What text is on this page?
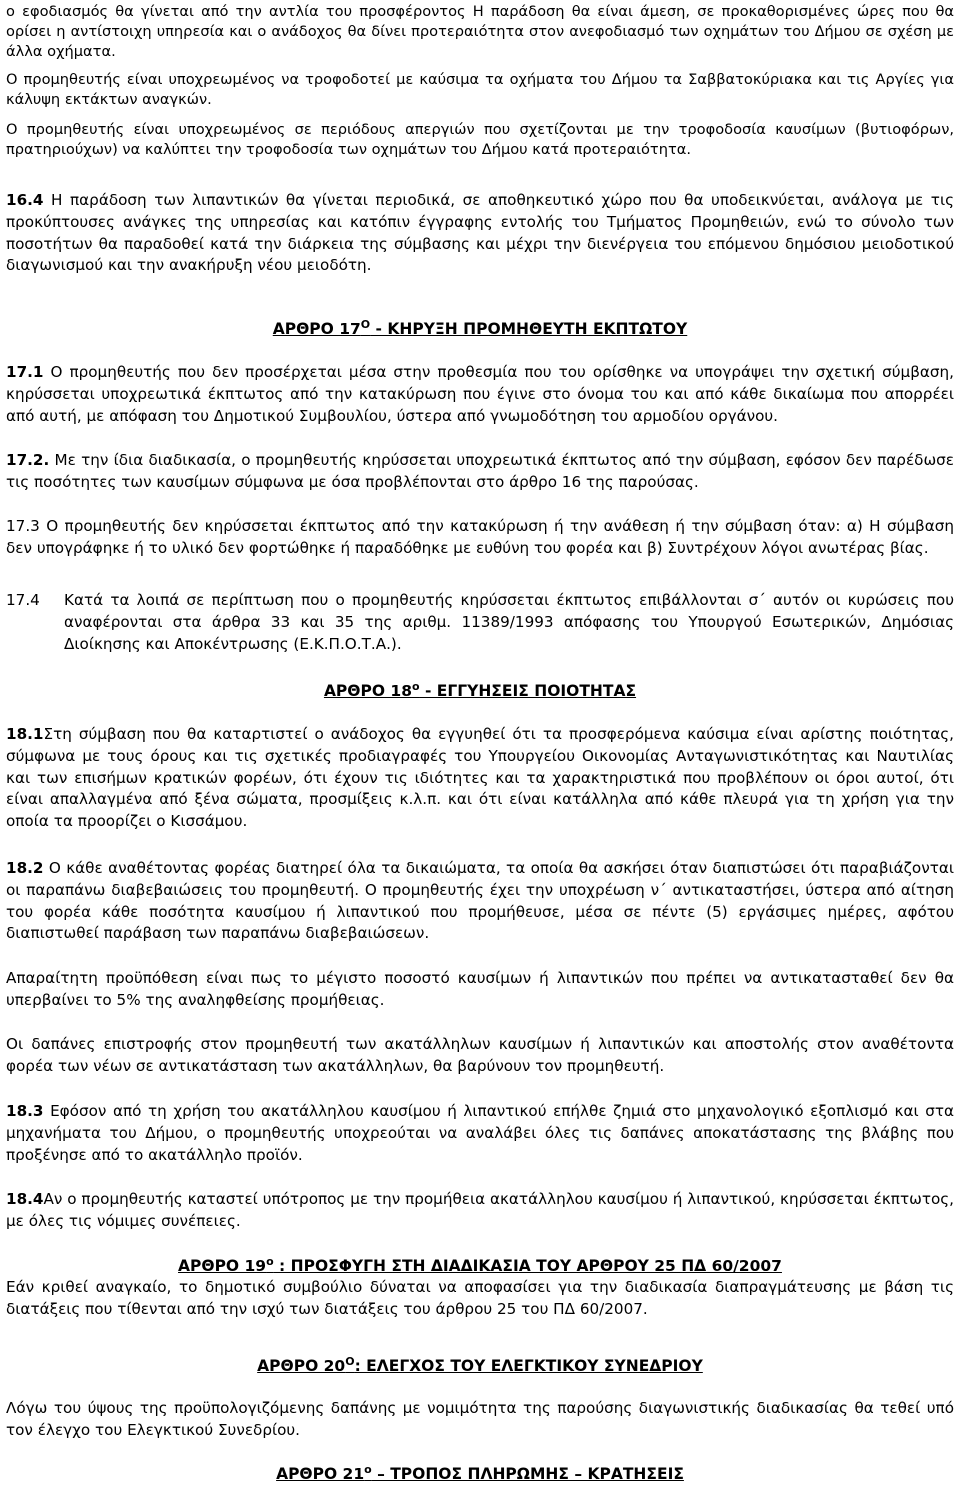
ο εφοδιασμός θα γίνεται από την αντλία του προσφέροντος Η παράδοση θα είναι άμεση, σε προκαθορισμένες ώρες που θα ορίσει η αντίστοιχη υπηρεσία και ο ανάδοχος θα δίνει προτεραιότητα στον ανεφοδιασμό των οχημάτων του Δήμου σε σχέση με άλλα οχήματα.

Ο προμηθευτής είναι υποχρεωμένος να τροφοδοτεί με καύσιμα τα οχήματα του Δήμου τα Σαββατοκύριακα και τις Αργίες για κάλυψη εκτάκτων αναγκών.

Ο προμηθευτής είναι υποχρεωμένος σε περιόδους απεργιών που σχετίζονται με την τροφοδοσία καυσίμων (βυτιοφόρων, πρατηριούχων) να καλύπτει την τροφοδοσία των οχημάτων του Δήμου κατά προτεραιότητα.

16.4 Η παράδοση των λιπαντικών θα γίνεται περιοδικά, σε αποθηκευτικό χώρο που θα υποδεικνύεται, ανάλογα με τις προκύπτουσες ανάγκες της υπηρεσίας και κατόπιν έγγραφης εντολής του Τμήματος Προμηθειών, ενώ το σύνολο των ποσοτήτων θα παραδοθεί κατά την διάρκεια της σύμβασης και μέχρι την διενέργεια του επόμενου δημόσιου μειοδοτικού διαγωνισμού και την ανακήρυξη νέου μειοδότη.

ΑΡΘΡΟ $17^O$ - ΚΗΡΥΞΗ ΠΡΟΜΗΘΕΥΤΗ ΕΚΠΤΩΤΟΥ

17.1 Ο προμηθευτής που δεν προσέρχεται μέσα στην προθεσμία που του ορίσθηκε να υπογράψει την σχετική σύμβαση, κηρύσσεται υποχρεωτικά έκπτωτος από την κατακύρωση που έγινε στο όνομα του και από κάθε δικαίωμα που απορρέει από αυτή, με απόφαση του Δημοτικού Συμβουλίου, ύστερα από γνωμοδότηση του αρμοδίου οργάνου.

17.2. Με την ίδια διαδικασία, ο προμηθευτής κηρύσσεται υποχρεωτικά έκπτωτος από την σύμβαση, εφόσον δεν παρέδωσε τις ποσότητες των καυσίμων σύμφωνα με όσα προβλέπονται στο άρθρο 16 της παρούσας.

17.3 Ο προμηθευτής δεν κηρύσσεται έκπτωτος από την κατακύρωση ή την ανάθεση ή την σύμβαση όταν: α) Η σύμβαση δεν υπογράφηκε ή το υλικό δεν φορτώθηκε ή παραδόθηκε με ευθύνη του φορέα και β) Συντρέχουν λόγοι ανωτέρας βίας.

17.4 Κατά τα λοιπά σε περίπτωση που ο προμηθευτής κηρύσσεται έκπτωτος επιβάλλονται σ΄ αυτόν οι κυρώσεις που αναφέρονται στα άρθρα 33 και 35 της αριθμ. 11389/1993 απόφασης του Υπουργού Εσωτερικών, Δημόσιας Διοίκησης και Αποκέντρωσης (Ε.Κ.Π.Ο.Τ.Α.).

ΑΡΘΡΟ $18^o$ - ΕΓΓΥΗΣΕΙΣ ΠΟΙΟΤΗΤΑΣ

18.1Στη σύμβαση που θα καταρτιστεί ο ανάδοχος θα εγγυηθεί ότι τα προσφερόμενα καύσιμα είναι αρίστης ποιότητας, σύμφωνα με τους όρους και τις σχετικές προδιαγραφές του Υπουργείου Οικονομίας Ανταγωνιστικότητας και Ναυτιλίας και των επισήμων κρατικών φορέων, ότι έχουν τις ιδιότητες και τα χαρακτηριστικά που προβλέπουν οι όροι αυτοί, ότι είναι απαλλαγμένα από ξένα σώματα, προσμίξεις κ.λ.π. και ότι είναι κατάλληλα από κάθε πλευρά για τη χρήση για την οποία τα προορίζει ο Κισσάμου.

18.2 Ο κάθε αναθέτοντας φορέας διατηρεί όλα τα δικαιώματα, τα οποία θα ασκήσει όταν διαπιστώσει ότι παραβιάζονται οι παραπάνω διαβεβαιώσεις του προμηθευτή. Ο προμηθευτής έχει την υποχρέωση ν΄ αντικαταστήσει, ύστερα από αίτηση του φορέα κάθε ποσότητα καυσίμου ή λιπαντικού που προμήθευσε, μέσα σε πέντε (5) εργάσιμες ημέρες, αφότου διαπιστωθεί παράβαση των παραπάνω διαβεβαιώσεων.

Απαραίτητη προϋπόθεση είναι πως το μέγιστο ποσοστό καυσίμων ή λιπαντικών που πρέπει να αντικατασταθεί δεν θα υπερβαίνει το 5% της αναληφθείσης προμήθειας.

Οι δαπάνες επιστροφής στον προμηθευτή των ακατάλληλων καυσίμων ή λιπαντικών και αποστολής στον αναθέτοντα φορέα των νέων σε αντικατάσταση των ακατάλληλων, θα βαρύνουν τον προμηθευτή.

18.3 Εφόσον από τη χρήση του ακατάλληλου καυσίμου ή λιπαντικού επήλθε ζημιά στο μηχανολογικό εξοπλισμό και στα μηχανήματα του Δήμου, ο προμηθευτής υποχρεούται να αναλάβει όλες τις δαπάνες αποκατάστασης της βλάβης που προξένησε από το ακατάλληλο προϊόν.

18.4Αν ο προμηθευτής καταστεί υπότροπος με την προμήθεια ακατάλληλου καυσίμου ή λιπαντικού, κηρύσσεται έκπτωτος, με όλες τις νόμιμες συνέπειες.

ΑΡΘΡΟ $19^o$ : ΠΡΟΣΦΥΓΗ ΣΤΗ ΔΙΑΔΙΚΑΣΙΑ ΤΟΥ ΑΡΘΡΟΥ 25 ΠΔ 60/2007

Εάν κριθεί αναγκαίο, το δημοτικό συμβούλιο δύναται να αποφασίσει για την διαδικασία διαπραγμάτευσης με βάση τις διατάξεις που τίθενται από την ισχύ των διατάξεις του άρθρου 25 του ΠΔ 60/2007.

ΑΡΘΡΟ $20^O$: ΕΛΕΓΧΟΣ ΤΟΥ ΕΛΕΓΚΤΙΚΟΥ ΣΥΝΕΔΡΙΟΥ

Λόγω του ύψους της προϋπολογιζόμενης δαπάνης με νομιμότητα της παρούσης διαγωνιστικής διαδικασίας θα τεθεί υπό τον έλεγχο του Ελεγκτικού Συνεδρίου.

ΑΡΘΡΟ $21^o$ – ΤΡΟΠΟΣ ΠΛΗΡΩΜΗΣ – ΚΡΑΤΗΣΕΙΣ
